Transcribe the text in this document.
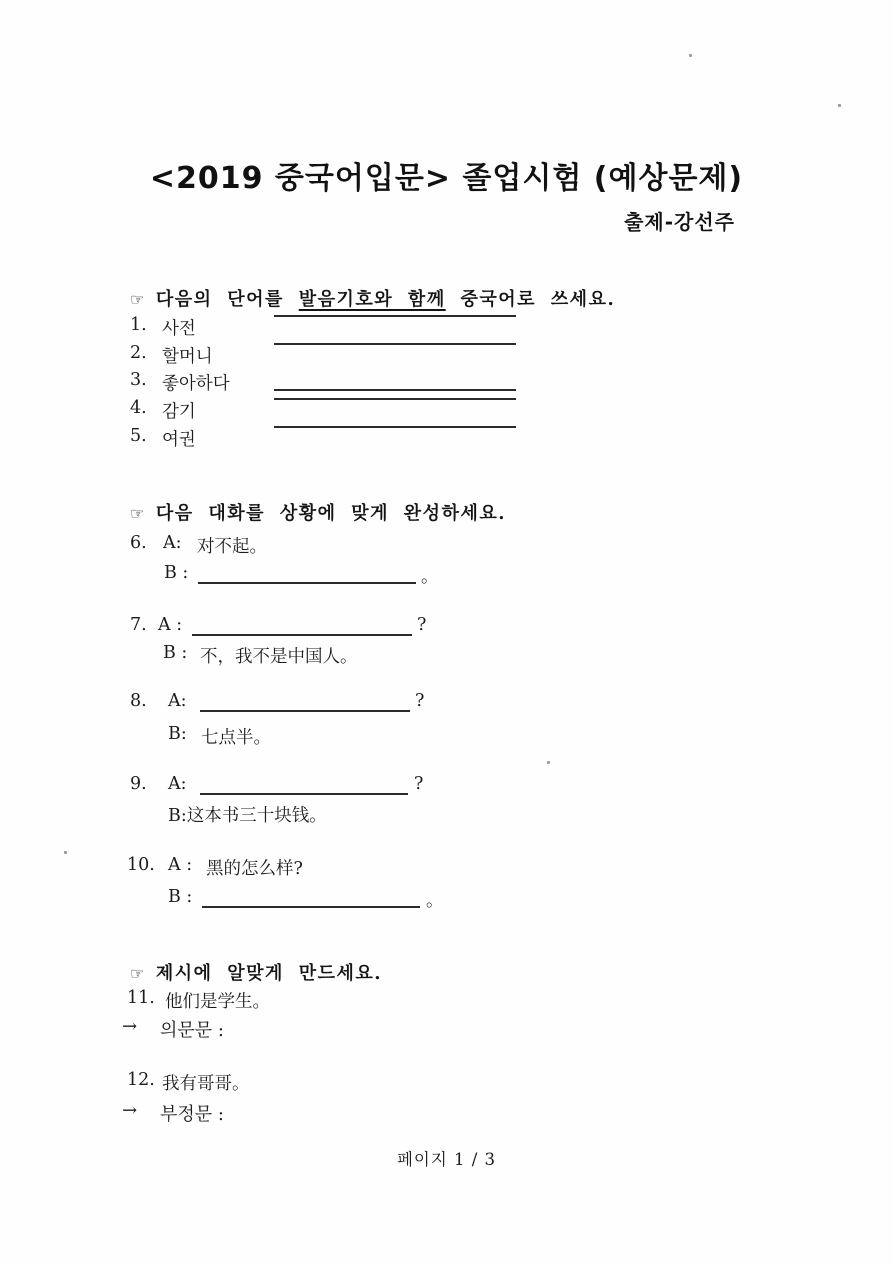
<2019 중국어입문> 졸업시험 (예상문제)
출제-강선주
☞ 다음의 단어를 발음기호와 함께 중국어로 쓰세요.
1. 사전
2. 할머니
3. 좋아하다
4. 감기
5. 여권
☞ 다음 대화를 상황에 맞게 완성하세요.
6. A: 对不起。
B :	。
7. A :	?
B : 不，我不是中国人。
8. A:	?
B: 七点半。
9. A:	?
B:这本书三十块钱。
10. A : 黑的怎么样?
B :	。
☞ 제시에 알맞게 만드세요.
11. 他们是学生。
→ 의문문 :
12. 我有哥哥。
→ 부정문 :
페이지 1 / 3
